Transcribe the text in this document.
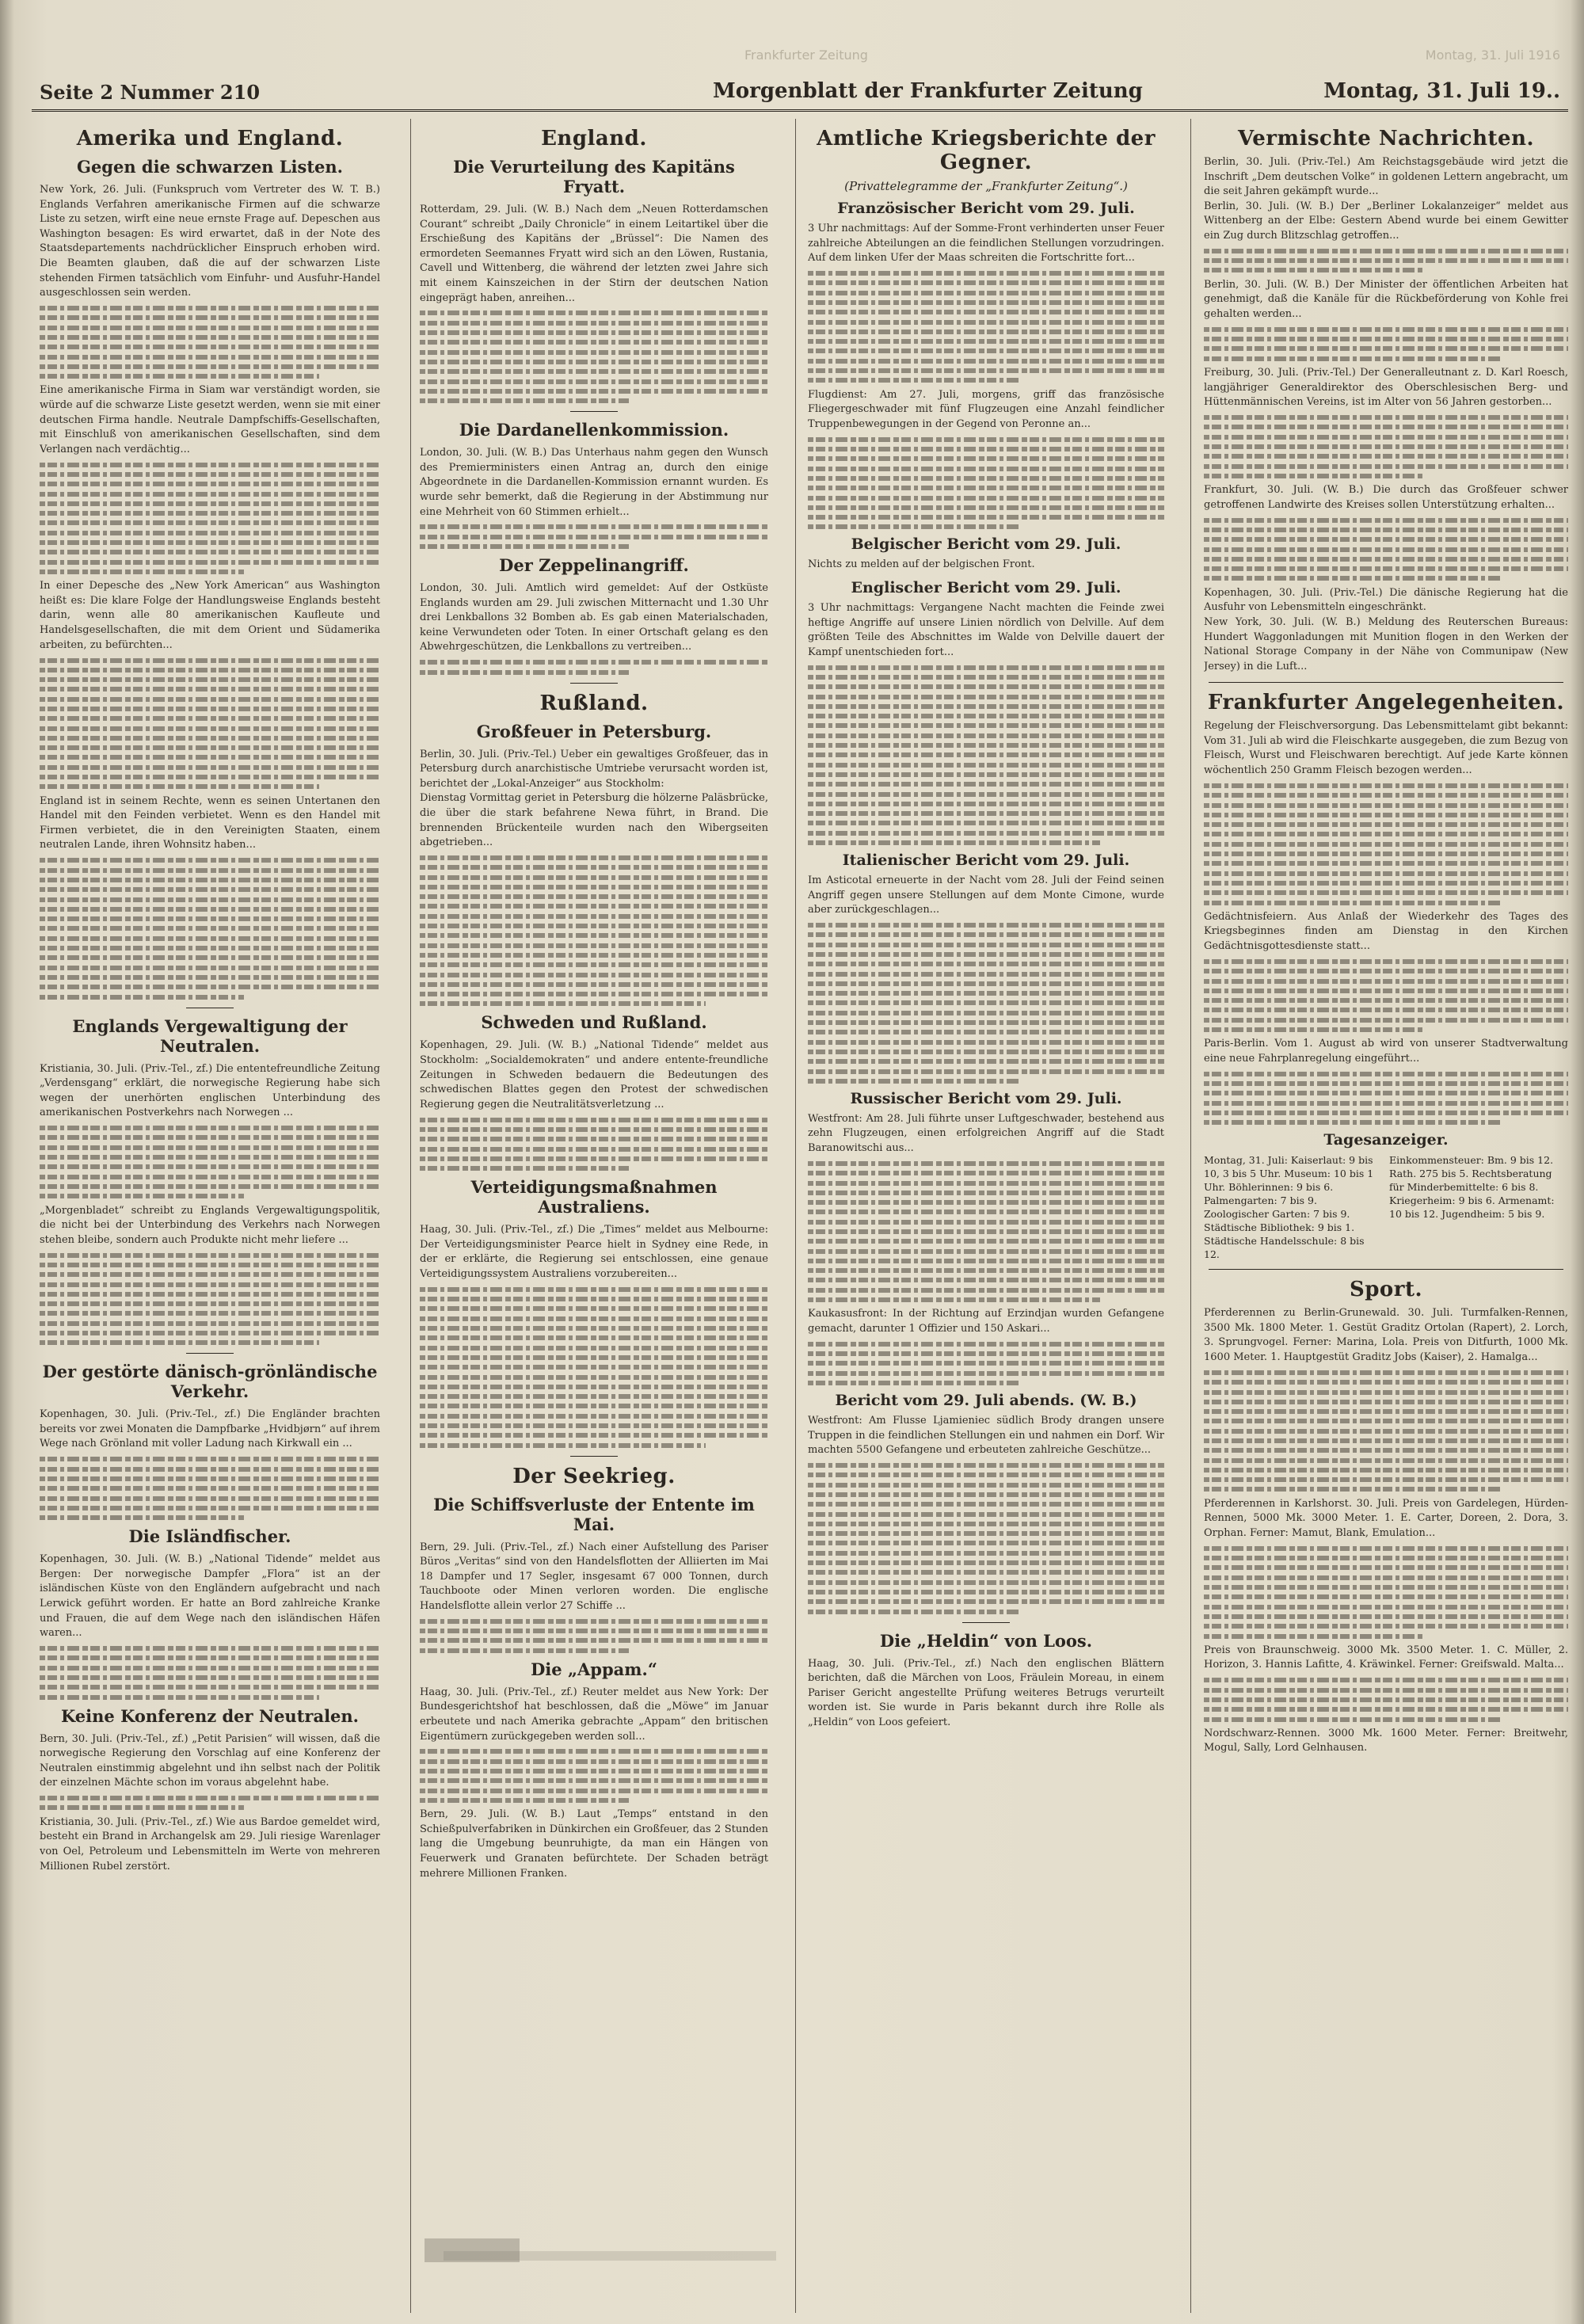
Frankfurter Zeitung	Montag, 31. Juli 1916
Seite 2 Nummer 210	Morgenblatt der Frankfurter Zeitung	Montag, 31. Juli 19..
Amerika und England.
Gegen die schwarzen Listen.
New York, 26. Juli. (Funkspruch vom Vertreter des W. T. B.) Englands Verfahren amerikanische Firmen auf die schwarze Liste zu setzen, wirft eine neue ernste Frage auf. Depeschen aus Washington besagen: Es wird erwartet, daß in der Note des Staatsdepartements nachdrücklicher Einspruch erhoben wird. Die Beamten glauben, daß die auf der schwarzen Liste stehenden Firmen tatsächlich vom Einfuhr- und Ausfuhr-Handel ausgeschlossen sein werden.
Eine amerikanische Firma in Siam war verständigt worden, sie würde auf die schwarze Liste gesetzt werden, wenn sie mit einer deutschen Firma handle. Neutrale Dampfschiffs-Gesellschaften, mit Einschluß von amerikanischen Gesellschaften, sind dem Verlangen nach verdächtig...
In einer Depesche des „New York American“ aus Washington heißt es: Die klare Folge der Handlungsweise Englands besteht darin, wenn alle 80 amerikanischen Kaufleute und Handelsgesellschaften, die mit dem Orient und Südamerika arbeiten, zu befürchten...
England ist in seinem Rechte, wenn es seinen Untertanen den Handel mit den Feinden verbietet. Wenn es den Handel mit Firmen verbietet, die in den Vereinigten Staaten, einem neutralen Lande, ihren Wohnsitz haben...
Englands Vergewaltigung der Neutralen.
Kristiania, 30. Juli. (Priv.-Tel., zf.) Die ententefreundliche Zeitung „Verdensgang“ erklärt, die norwegische Regierung habe sich wegen der unerhörten englischen Unterbindung des amerikanischen Postverkehrs nach Norwegen ...
„Morgenbladet“ schreibt zu Englands Vergewaltigungspolitik, die nicht bei der Unterbindung des Verkehrs nach Norwegen stehen bleibe, sondern auch Produkte nicht mehr liefere ...
Der gestörte dänisch-grönländische Verkehr.
Kopenhagen, 30. Juli. (Priv.-Tel., zf.) Die Engländer brachten bereits vor zwei Monaten die Dampfbarke „Hvidbjørn“ auf ihrem Wege nach Grönland mit voller Ladung nach Kirkwall ein ...
Die Isländfischer.
Kopenhagen, 30. Juli. (W. B.) „National Tidende“ meldet aus Bergen: Der norwegische Dampfer „Flora“ ist an der isländischen Küste von den Engländern aufgebracht und nach Lerwick geführt worden. Er hatte an Bord zahlreiche Kranke und Frauen, die auf dem Wege nach den isländischen Häfen waren...
Keine Konferenz der Neutralen.
Bern, 30. Juli. (Priv.-Tel., zf.) „Petit Parisien“ will wissen, daß die norwegische Regierung den Vorschlag auf eine Konferenz der Neutralen einstimmig abgelehnt und ihn selbst nach der Politik der einzelnen Mächte schon im voraus abgelehnt habe.
Kristiania, 30. Juli. (Priv.-Tel., zf.) Wie aus Bardoe gemeldet wird, besteht ein Brand in Archangelsk am 29. Juli riesige Warenlager von Oel, Petroleum und Lebensmitteln im Werte von mehreren Millionen Rubel zerstört.
England.
Die Verurteilung des Kapitäns Fryatt.
Rotterdam, 29. Juli. (W. B.) Nach dem „Neuen Rotterdamschen Courant“ schreibt „Daily Chronicle“ in einem Leitartikel über die Erschießung des Kapitäns der „Brüssel“: Die Namen des ermordeten Seemannes Fryatt wird sich an den Löwen, Rustania, Cavell und Wittenberg, die während der letzten zwei Jahre sich mit einem Kainszeichen in der Stirn der deutschen Nation eingeprägt haben, anreihen...
Die Dardanellenkommission.
London, 30. Juli. (W. B.) Das Unterhaus nahm gegen den Wunsch des Premierministers einen Antrag an, durch den einige Abgeordnete in die Dardanellen-Kommission ernannt wurden. Es wurde sehr bemerkt, daß die Regierung in der Abstimmung nur eine Mehrheit von 60 Stimmen erhielt...
Der Zeppelinangriff.
London, 30. Juli. Amtlich wird gemeldet: Auf der Ostküste Englands wurden am 29. Juli zwischen Mitternacht und 1.30 Uhr drei Lenkballons 32 Bomben ab. Es gab einen Materialschaden, keine Verwundeten oder Toten. In einer Ortschaft gelang es den Abwehrgeschützen, die Lenkballons zu vertreiben...
Rußland.
Großfeuer in Petersburg.
Berlin, 30. Juli. (Priv.-Tel.) Ueber ein gewaltiges Großfeuer, das in Petersburg durch anarchistische Umtriebe verursacht worden ist, berichtet der „Lokal-Anzeiger“ aus Stockholm:
Dienstag Vormittag geriet in Petersburg die hölzerne Paläsbrücke, die über die stark befahrene Newa führt, in Brand. Die brennenden Brückenteile wurden nach den Wibergseiten abgetrieben...
Schweden und Rußland.
Kopenhagen, 29. Juli. (W. B.) „National Tidende“ meldet aus Stockholm: „Socialdemokraten“ und andere entente-freundliche Zeitungen in Schweden bedauern die Bedeutungen des schwedischen Blattes gegen den Protest der schwedischen Regierung gegen die Neutralitätsverletzung ...
Verteidigungsmaßnahmen Australiens.
Haag, 30. Juli. (Priv.-Tel., zf.) Die „Times“ meldet aus Melbourne: Der Verteidigungsminister Pearce hielt in Sydney eine Rede, in der er erklärte, die Regierung sei entschlossen, eine genaue Verteidigungssystem Australiens vorzubereiten...
Der Seekrieg.
Die Schiffsverluste der Entente im Mai.
Bern, 29. Juli. (Priv.-Tel., zf.) Nach einer Aufstellung des Pariser Büros „Veritas“ sind von den Handelsflotten der Alliierten im Mai 18 Dampfer und 17 Segler, insgesamt 67 000 Tonnen, durch Tauchboote oder Minen verloren worden. Die englische Handelsflotte allein verlor 27 Schiffe ...
Die „Appam.“
Haag, 30. Juli. (Priv.-Tel., zf.) Reuter meldet aus New York: Der Bundesgerichtshof hat beschlossen, daß die „Möwe“ im Januar erbeutete und nach Amerika gebrachte „Appam“ den britischen Eigentümern zurückgegeben werden soll...
Bern, 29. Juli. (W. B.) Laut „Temps“ entstand in den Schießpulverfabriken in Dünkirchen ein Großfeuer, das 2 Stunden lang die Umgebung beunruhigte, da man ein Hängen von Feuerwerk und Granaten befürchtete. Der Schaden beträgt mehrere Millionen Franken.
Amtliche Kriegsberichte der Gegner.
(Privattelegramme der „Frankfurter Zeitung“.)
Französischer Bericht vom 29. Juli.
3 Uhr nachmittags: Auf der Somme-Front verhinderten unser Feuer zahlreiche Abteilungen an die feindlichen Stellungen vorzudringen. Auf dem linken Ufer der Maas schreiten die Fortschritte fort...
Flugdienst: Am 27. Juli, morgens, griff das französische Fliegergeschwader mit fünf Flugzeugen eine Anzahl feindlicher Truppenbewegungen in der Gegend von Peronne an...
Belgischer Bericht vom 29. Juli.
Nichts zu melden auf der belgischen Front.
Englischer Bericht vom 29. Juli.
3 Uhr nachmittags: Vergangene Nacht machten die Feinde zwei heftige Angriffe auf unsere Linien nördlich von Delville. Auf dem größten Teile des Abschnittes im Walde von Delville dauert der Kampf unentschieden fort...
Italienischer Bericht vom 29. Juli.
Im Asticotal erneuerte in der Nacht vom 28. Juli der Feind seinen Angriff gegen unsere Stellungen auf dem Monte Cimone, wurde aber zurückgeschlagen...
Russischer Bericht vom 29. Juli.
Westfront: Am 28. Juli führte unser Luftgeschwader, bestehend aus zehn Flugzeugen, einen erfolgreichen Angriff auf die Stadt Baranowitschi aus...
Kaukasusfront: In der Richtung auf Erzindjan wurden Gefangene gemacht, darunter 1 Offizier und 150 Askari...
Bericht vom 29. Juli abends. (W. B.)
Westfront: Am Flusse Ljamieniec südlich Brody drangen unsere Truppen in die feindlichen Stellungen ein und nahmen ein Dorf. Wir machten 5500 Gefangene und erbeuteten zahlreiche Geschütze...
Die „Heldin“ von Loos.
Haag, 30. Juli. (Priv.-Tel., zf.) Nach den englischen Blättern berichten, daß die Märchen von Loos, Fräulein Moreau, in einem Pariser Gericht angestellte Prüfung weiteres Betrugs verurteilt worden ist. Sie wurde in Paris bekannt durch ihre Rolle als „Heldin“ von Loos gefeiert.
Vermischte Nachrichten.
Berlin, 30. Juli. (Priv.-Tel.) Am Reichstagsgebäude wird jetzt die Inschrift „Dem deutschen Volke“ in goldenen Lettern angebracht, um die seit Jahren gekämpft wurde...
Berlin, 30. Juli. (W. B.) Der „Berliner Lokalanzeiger“ meldet aus Wittenberg an der Elbe: Gestern Abend wurde bei einem Gewitter ein Zug durch Blitzschlag getroffen...
Berlin, 30. Juli. (W. B.) Der Minister der öffentlichen Arbeiten hat genehmigt, daß die Kanäle für die Rückbeförderung von Kohle frei gehalten werden...
Freiburg, 30. Juli. (Priv.-Tel.) Der Generalleutnant z. D. Karl Roesch, langjähriger Generaldirektor des Oberschlesischen Berg- und Hüttenmännischen Vereins, ist im Alter von 56 Jahren gestorben...
Frankfurt, 30. Juli. (W. B.) Die durch das Großfeuer schwer getroffenen Landwirte des Kreises sollen Unterstützung erhalten...
Kopenhagen, 30. Juli. (Priv.-Tel.) Die dänische Regierung hat die Ausfuhr von Lebensmitteln eingeschränkt.
New York, 30. Juli. (W. B.) Meldung des Reuterschen Bureaus: Hundert Waggonladungen mit Munition flogen in den Werken der National Storage Company in der Nähe von Communipaw (New Jersey) in die Luft...
Frankfurter Angelegenheiten.
Regelung der Fleischversorgung. Das Lebensmittelamt gibt bekannt: Vom 31. Juli ab wird die Fleischkarte ausgegeben, die zum Bezug von Fleisch, Wurst und Fleischwaren berechtigt. Auf jede Karte können wöchentlich 250 Gramm Fleisch bezogen werden...
Gedächtnisfeiern. Aus Anlaß der Wiederkehr des Tages des Kriegsbeginnes finden am Dienstag in den Kirchen Gedächtnisgottesdienste statt...
Paris-Berlin. Vom 1. August ab wird von unserer Stadtverwaltung eine neue Fahrplanregelung eingeführt...
Tagesanzeiger.
Montag, 31. Juli: Kaiserlaut: 9 bis 10, 3 bis 5 Uhr. Museum: 10 bis 1 Uhr. Böhlerinnen: 9 bis 6. Palmengarten: 7 bis 9. Zoologischer Garten: 7 bis 9. Städtische Bibliothek: 9 bis 1. Städtische Handelsschule: 8 bis 12.
Einkommensteuer: Bm. 9 bis 12. Rath. 275 bis 5. Rechtsberatung für Minderbemittelte: 6 bis 8. Kriegerheim: 9 bis 6. Armenamt: 10 bis 12. Jugendheim: 5 bis 9.
Sport.
Pferderennen zu Berlin-Grunewald. 30. Juli. Turmfalken-Rennen, 3500 Mk. 1800 Meter. 1. Gestüt Graditz Ortolan (Rapert), 2. Lorch, 3. Sprungvogel. Ferner: Marina, Lola. Preis von Ditfurth, 1000 Mk. 1600 Meter. 1. Hauptgestüt Graditz Jobs (Kaiser), 2. Hamalga...
Pferderennen in Karlshorst. 30. Juli. Preis von Gardelegen, Hürden-Rennen, 5000 Mk. 3000 Meter. 1. E. Carter, Doreen, 2. Dora, 3. Orphan. Ferner: Mamut, Blank, Emulation...
Preis von Braunschweig. 3000 Mk. 3500 Meter. 1. C. Müller, 2. Horizon, 3. Hannis Lafitte, 4. Kräwinkel. Ferner: Greifswald. Malta...
Nordschwarz-Rennen. 3000 Mk. 1600 Meter. Ferner: Breitwehr, Mogul, Sally, Lord Gelnhausen.
